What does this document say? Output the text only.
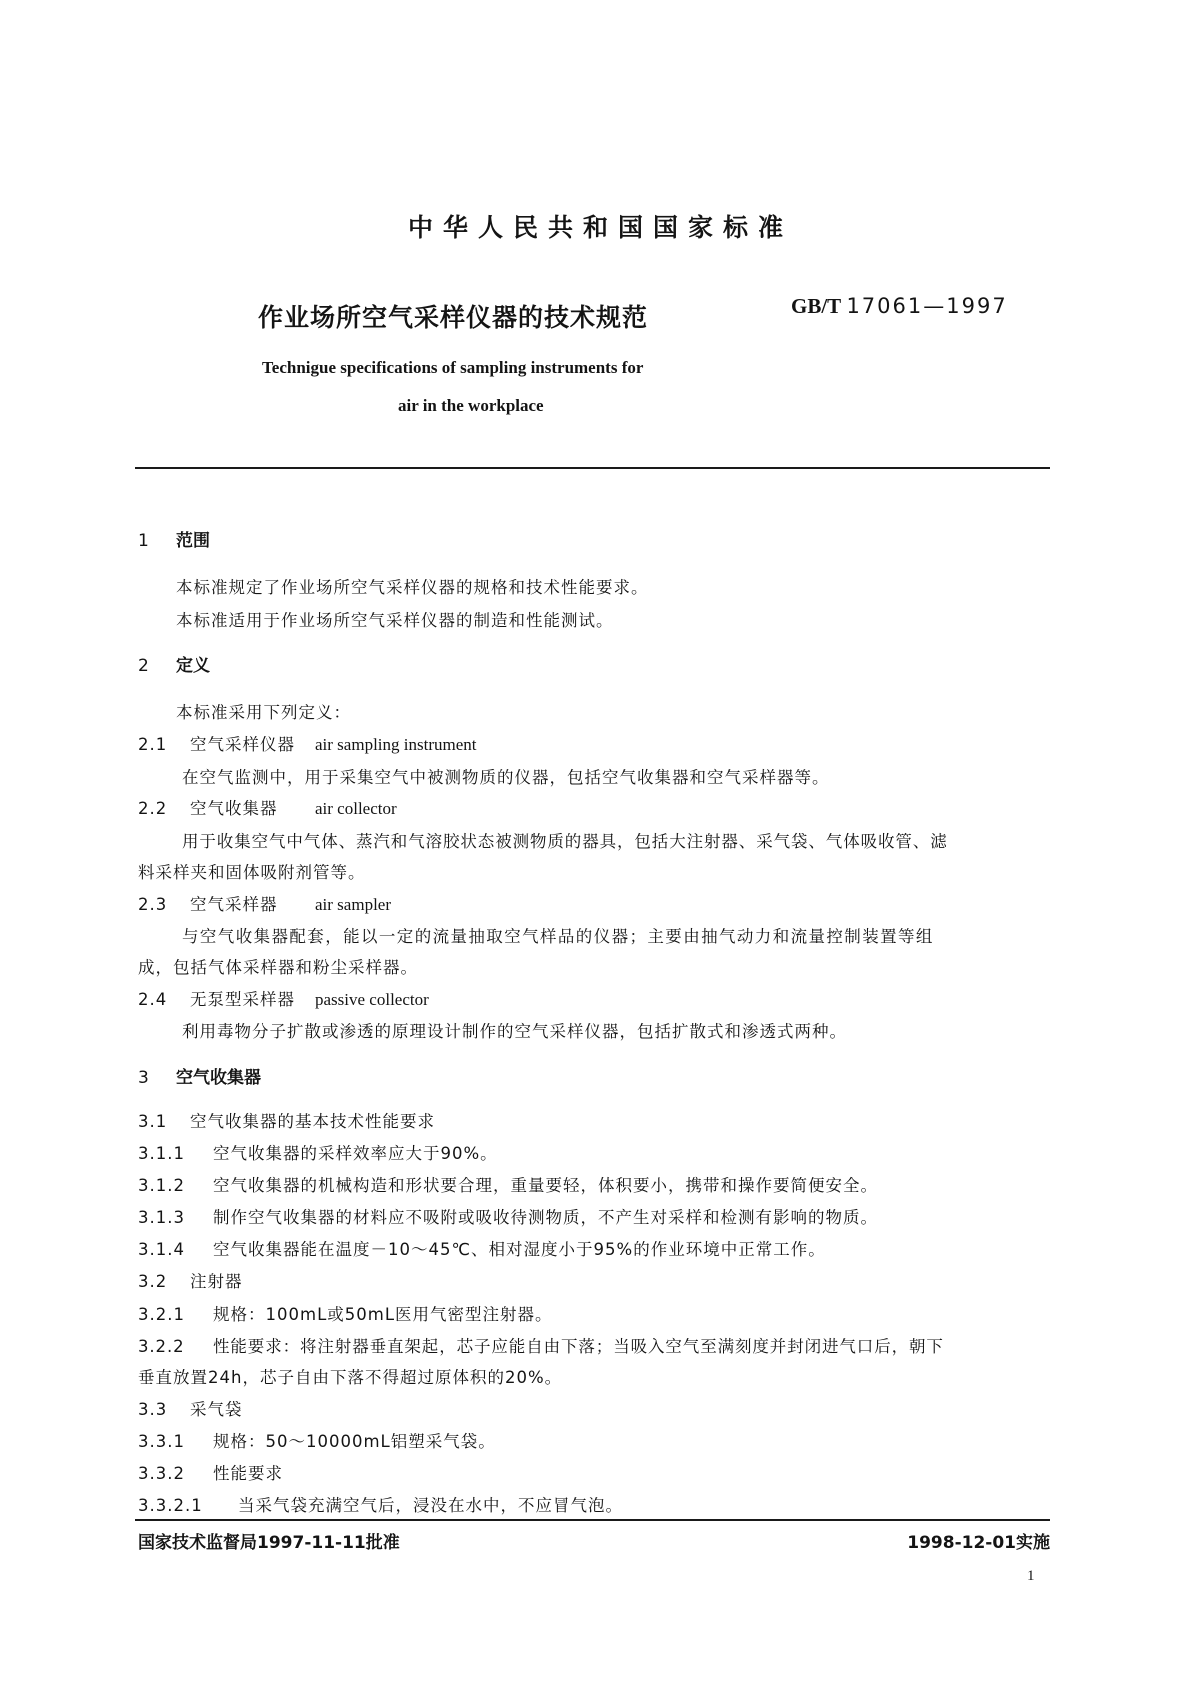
中华人民共和国国家标准
作业场所空气采样仪器的技术规范	GB/T 17061—1997
Technigue specifications of sampling instruments for
air in the workplace
1 范围
本标准规定了作业场所空气采样仪器的规格和技术性能要求。
本标准适用于作业场所空气采样仪器的制造和性能测试。
2 定义
本标准采用下列定义：
2.1 空气采样仪器 air sampling instrument
在空气监测中，用于采集空气中被测物质的仪器，包括空气收集器和空气采样器等。
2.2 空气收集器 air collector
用于收集空气中气体、蒸汽和气溶胶状态被测物质的器具，包括大注射器、采气袋、气体吸收管、滤
料采样夹和固体吸附剂管等。
2.3 空气采样器 air sampler
与空气收集器配套，能以一定的流量抽取空气样品的仪器；主要由抽气动力和流量控制装置等组
成，包括气体采样器和粉尘采样器。
2.4 无泵型采样器 passive collector
利用毒物分子扩散或渗透的原理设计制作的空气采样仪器，包括扩散式和渗透式两种。
3 空气收集器
3.1 空气收集器的基本技术性能要求
3.1.1 空气收集器的采样效率应大于90%。
3.1.2 空气收集器的机械构造和形状要合理，重量要轻，体积要小，携带和操作要简便安全。
3.1.3 制作空气收集器的材料应不吸附或吸收待测物质，不产生对采样和检测有影响的物质。
3.1.4 空气收集器能在温度－10～45℃、相对湿度小于95%的作业环境中正常工作。
3.2 注射器
3.2.1 规格：100mL或50mL医用气密型注射器。
3.2.2 性能要求：将注射器垂直架起，芯子应能自由下落；当吸入空气至满刻度并封闭进气口后，朝下
垂直放置24h，芯子自由下落不得超过原体积的20%。
3.3 采气袋
3.3.1 规格：50～10000mL铝塑采气袋。
3.3.2 性能要求
3.3.2.1 当采气袋充满空气后，浸没在水中，不应冒气泡。
国家技术监督局1997-11-11批准	1998-12-01实施
1
